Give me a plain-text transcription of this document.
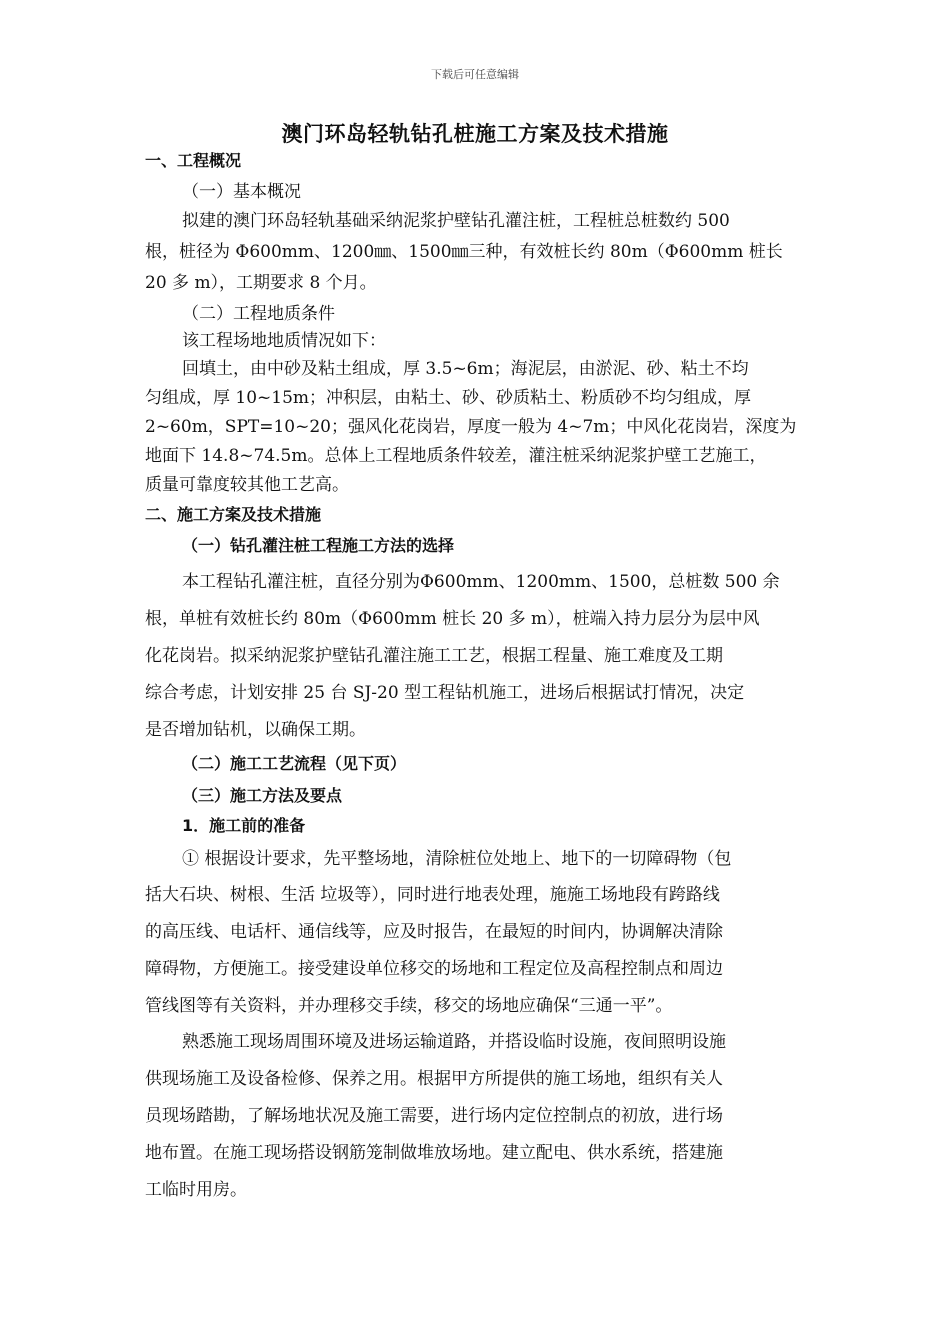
下载后可任意编辑
澳门环岛轻轨钻孔桩施工方案及技术措施
一、工程概况
（一）基本概况
拟建的澳门环岛轻轨基础采纳泥浆护壁钻孔灌注桩，工程桩总桩数约 500
根，桩径为 Φ600mm、1200㎜、1500㎜三种，有效桩长约 80m（Φ600mm 桩长
20 多 m），工期要求 8 个月。
（二）工程地质条件
该工程场地地质情况如下：
回填土，由中砂及粘土组成，厚 3.5~6m；海泥层，由淤泥、砂、粘土不均
匀组成，厚 10~15m；冲积层，由粘土、砂、砂质粘土、粉质砂不均匀组成，厚
2~60m，SPT=10~20；强风化花岗岩，厚度一般为 4~7m；中风化花岗岩，深度为
地面下 14.8~74.5m。总体上工程地质条件较差，灌注桩采纳泥浆护壁工艺施工，
质量可靠度较其他工艺高。
二、施工方案及技术措施
（一）钻孔灌注桩工程施工方法的选择
本工程钻孔灌注桩，直径分别为Φ600mm、1200mm、1500，总桩数 500 余
根，单桩有效桩长约 80m（Φ600mm 桩长 20 多 m），桩端入持力层分为层中风
化花岗岩。拟采纳泥浆护壁钻孔灌注施工工艺，根据工程量、施工难度及工期
综合考虑，计划安排 25 台 SJ-20 型工程钻机施工，进场后根据试打情况，决定
是否增加钻机，以确保工期。
（二）施工工艺流程（见下页）
（三）施工方法及要点
1．施工前的准备
① 根据设计要求，先平整场地，清除桩位处地上、地下的一切障碍物（包
括大石块、树根、生活 垃圾等），同时进行地表处理，施施工场地段有跨路线
的高压线、电话杆、通信线等，应及时报告，在最短的时间内，协调解决清除
障碍物，方便施工。接受建设单位移交的场地和工程定位及高程控制点和周边
管线图等有关资料，并办理移交手续，移交的场地应确保“三通一平”。
熟悉施工现场周围环境及进场运输道路，并搭设临时设施，夜间照明设施
供现场施工及设备检修、保养之用。根据甲方所提供的施工场地，组织有关人
员现场踏勘，了解场地状况及施工需要，进行场内定位控制点的初放，进行场
地布置。在施工现场搭设钢筋笼制做堆放场地。建立配电、供水系统，搭建施
工临时用房。
